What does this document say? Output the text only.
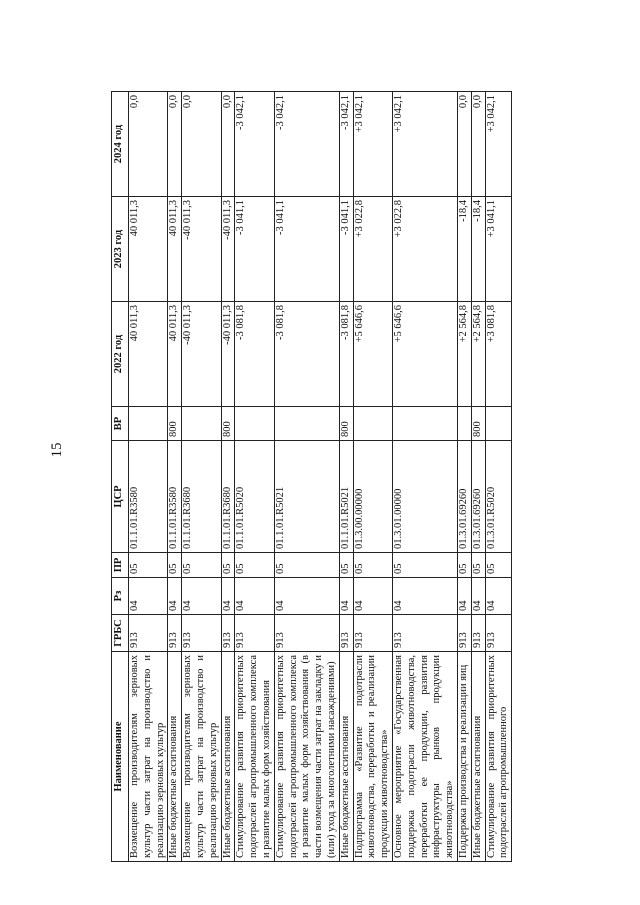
15
Наименование	ГРБС	Рз	ПР	ЦСР	ВР	2022 год	2023 год	2024 год
Возмещение производителям зерновых культур части затрат на производство и реализацию зерновых культур	913	04	05	01.1.01.R3580		40 011,3	40 011,3	0,0
Иные бюджетные ассигнования	913	04	05	01.1.01.R3580	800	40 011,3	40 011,3	0,0
Возмещение производителям зерновых культур части затрат на производство и реализацию зерновых культур	913	04	05	01.1.01.R3680		-40 011,3	-40 011,3	0,0
Иные бюджетные ассигнования	913	04	05	01.1.01.R3680	800	-40 011,3	-40 011,3	0,0
Стимулирование развития приоритетных подотраслей агропромышленного комплекса и развитие малых форм хозяйствования	913	04	05	01.1.01.R5020		-3 081,8	-3 041,1	-3 042,1
Стимулирование развития приоритетных подотраслей агропромышленного комплекса и развитие малых форм хозяйствования (в части возмещения части затрат на закладку и (или) уход за многолетними насаждениями)	913	04	05	01.1.01.R5021		-3 081,8	-3 041,1	-3 042,1
Иные бюджетные ассигнования	913	04	05	01.1.01.R5021	800	-3 081,8	-3 041,1	-3 042,1
Подпрограмма «Развитие подотрасли животноводства, переработки и реализации продукции животноводства»	913	04	05	01.3.00.00000		+5 646,6	+3 022,8	+3 042,1
Основное мероприятие «Государственная поддержка подотрасли животноводства, переработки ее продукции, развития инфраструктуры рынков продукции животноводства»	913	04	05	01.3.01.00000		+5 646,6	+3 022,8	+3 042,1
Поддержка производства и реализации яиц	913	04	05	01.3.01.69260		+2 564,8	-18,4	0,0
Иные бюджетные ассигнования	913	04	05	01.3.01.69260	800	+2 564,8	-18,4	0,0
Стимулирование развития приоритетных подотраслей агропромышленного	913	04	05	01.3.01.R5020		+3 081,8	+3 041,1	+3 042,1
